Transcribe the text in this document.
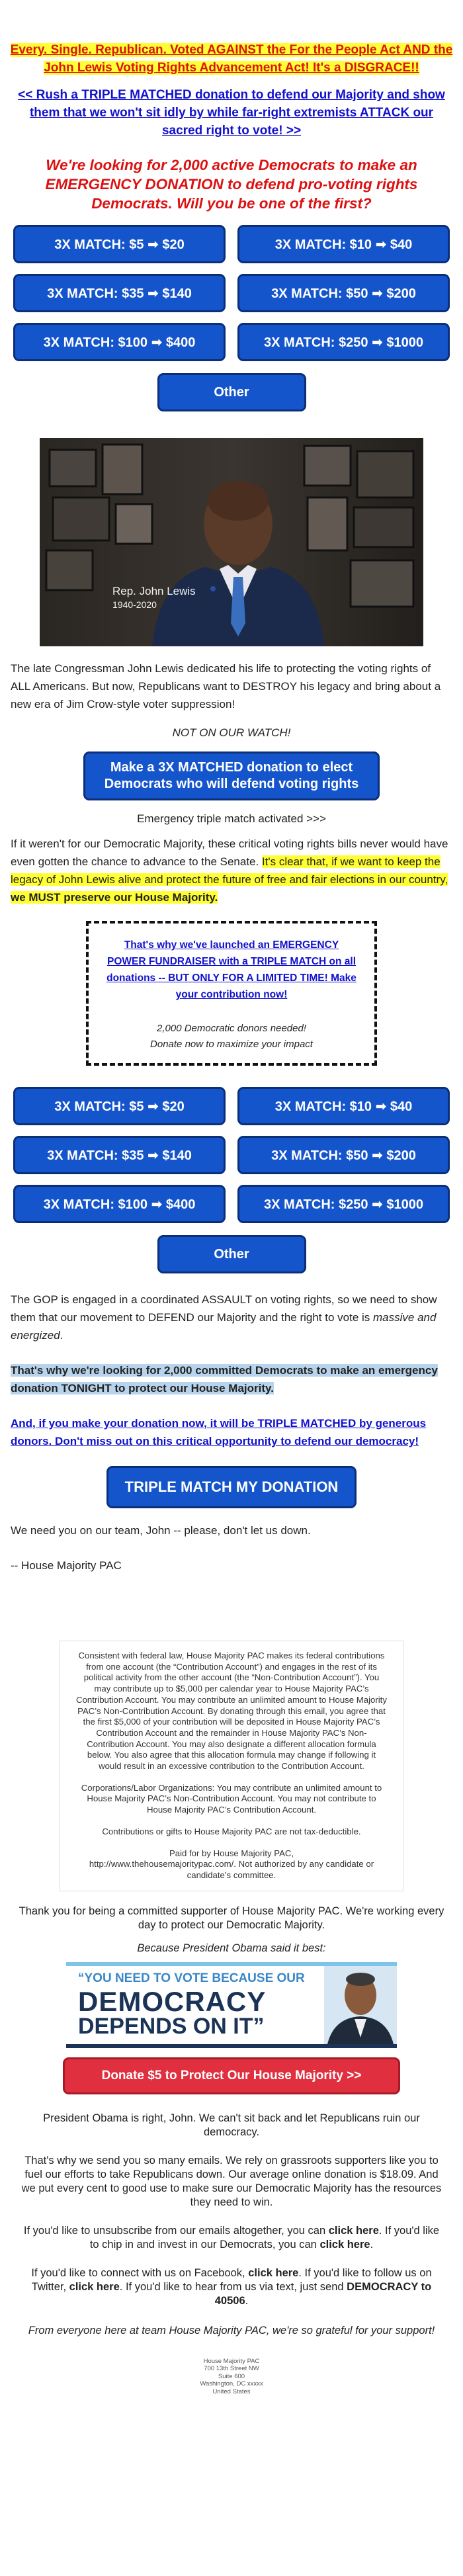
Every. Single. Republican. Voted AGAINST the For the People Act AND the John Lewis Voting Rights Advancement Act! It's a DISGRACE!!

<< Rush a TRIPLE MATCHED donation to defend our Majority and show them that we won't sit idly by while far-right extremists ATTACK our sacred right to vote! >>

We're looking for 2,000 active Democrats to make an EMERGENCY DONATION to defend pro-voting rights Democrats. Will you be one of the first?

3X MATCH: $5 ➡ $20	3X MATCH: $10 ➡ $40
3X MATCH: $35 ➡ $140	3X MATCH: $50 ➡ $200
3X MATCH: $100 ➡ $400	3X MATCH: $250 ➡ $1000
Other
Rep. John Lewis
1940-2020

The late Congressman John Lewis dedicated his life to protecting the voting rights of ALL Americans. But now, Republicans want to DESTROY his legacy and bring about a new era of Jim Crow-style voter suppression!

NOT ON OUR WATCH!

Make a 3X MATCHED donation to elect Democrats who will defend voting rights

Emergency triple match activated >>>

If it weren't for our Democratic Majority, these critical voting rights bills never would have even gotten the chance to advance to the Senate. It's clear that, if we want to keep the legacy of John Lewis alive and protect the future of free and fair elections in our country, we MUST preserve our House Majority.

That's why we've launched an EMERGENCY POWER FUNDRAISER with a TRIPLE MATCH on all donations -- BUT ONLY FOR A LIMITED TIME! Make your contribution now!

2,000 Democratic donors needed!

Donate now to maximize your impact

3X MATCH: $5 ➡ $20	3X MATCH: $10 ➡ $40
3X MATCH: $35 ➡ $140	3X MATCH: $50 ➡ $200
3X MATCH: $100 ➡ $400	3X MATCH: $250 ➡ $1000
Other

The GOP is engaged in a coordinated ASSAULT on voting rights, so we need to show them that our movement to DEFEND our Majority and the right to vote is massive and energized.

That's why we're looking for 2,000 committed Democrats to make an emergency donation TONIGHT to protect our House Majority.

And, if you make your donation now, it will be TRIPLE MATCHED by generous donors. Don't miss out on this critical opportunity to defend our democracy!
TRIPLE MATCH MY DONATION

We need you on our team, John -- please, don't let us down.

-- House Majority PAC

Consistent with federal law, House Majority PAC makes its federal contributions from one account (the “Contribution Account”) and engages in the rest of its political activity from the other account (the “Non-Contribution Account”). You may contribute up to $5,000 per calendar year to House Majority PAC’s Contribution Account. You may contribute an unlimited amount to House Majority PAC’s Non-Contribution Account. By donating through this email, you agree that the first $5,000 of your contribution will be deposited in House Majority PAC’s Contribution Account and the remainder in House Majority PAC’s Non-Contribution Account. You may also designate a different allocation formula below. You also agree that this allocation formula may change if following it would result in an excessive contribution to the Contribution Account.

Corporations/Labor Organizations: You may contribute an unlimited amount to House Majority PAC’s Non-Contribution Account. You may not contribute to House Majority PAC’s Contribution Account.

Contributions or gifts to House Majority PAC are not tax-deductible.

Paid for by House Majority PAC,

http://www.thehousemajoritypac.com/. Not authorized by any candidate or candidate’s committee.

Thank you for being a committed supporter of House Majority PAC. We're working every day to protect our Democratic Majority.

Because President Obama said it best:

“YOU NEED TO VOTE BECAUSE OUR
DEMOCRACY
DEPENDS ON IT”
Donate $5 to Protect Our House Majority >>

President Obama is right, John. We can't sit back and let Republicans ruin our democracy.

That's why we send you so many emails. We rely on grassroots supporters like you to fuel our efforts to take Republicans down. Our average online donation is $18.09. And we put every cent to good use to make sure our Democratic Majority has the resources they need to win.

If you'd like to unsubscribe from our emails altogether, you can click here. If you'd like to chip in and invest in our Democrats, you can click here.

If you'd like to connect with us on Facebook, click here. If you'd like to follow us on Twitter, click here. If you'd like to hear from us via text, just send DEMOCRACY to 40506.

From everyone here at team House Majority PAC, we're so grateful for your support!

House Majority PAC
700 13th Street NW
Suite 600
Washington, DC xxxxx
United States
